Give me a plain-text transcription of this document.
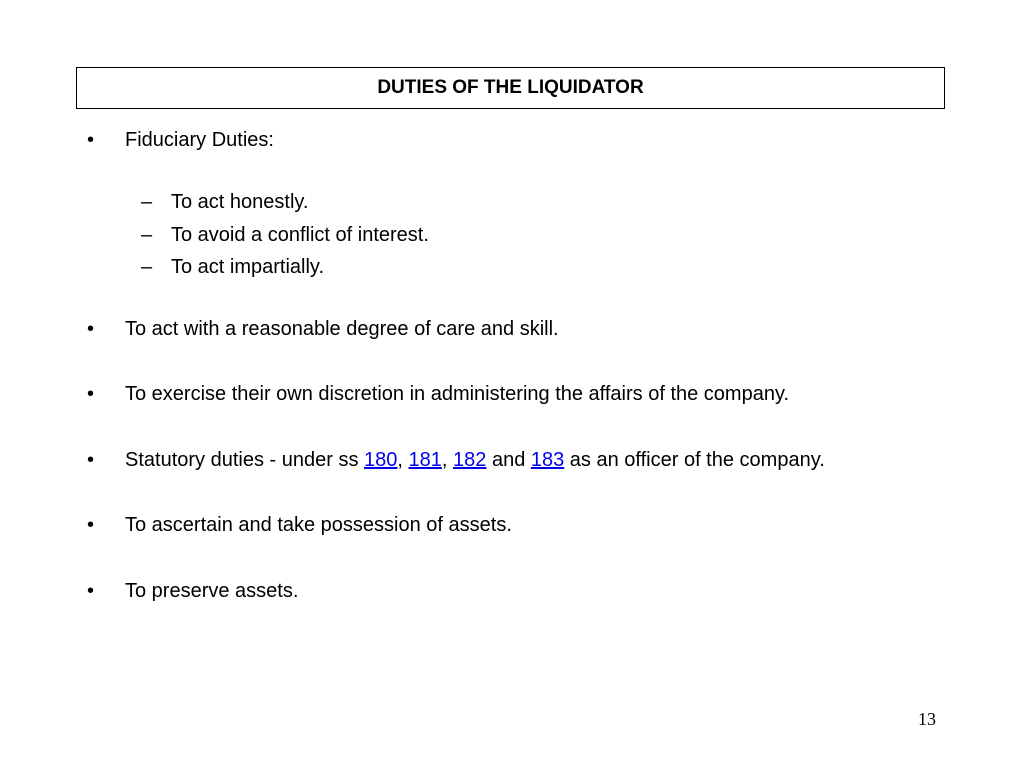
DUTIES OF THE LIQUIDATOR
• Fiduciary Duties:
– To act honestly.
– To avoid a conflict of interest.
– To act impartially.
• To act with a reasonable degree of care and skill.
• To exercise their own discretion in administering the affairs of the company.
• Statutory duties - under ss 180, 181, 182 and 183 as an officer of the company.
• To ascertain and take possession of assets.
• To preserve assets.
13
